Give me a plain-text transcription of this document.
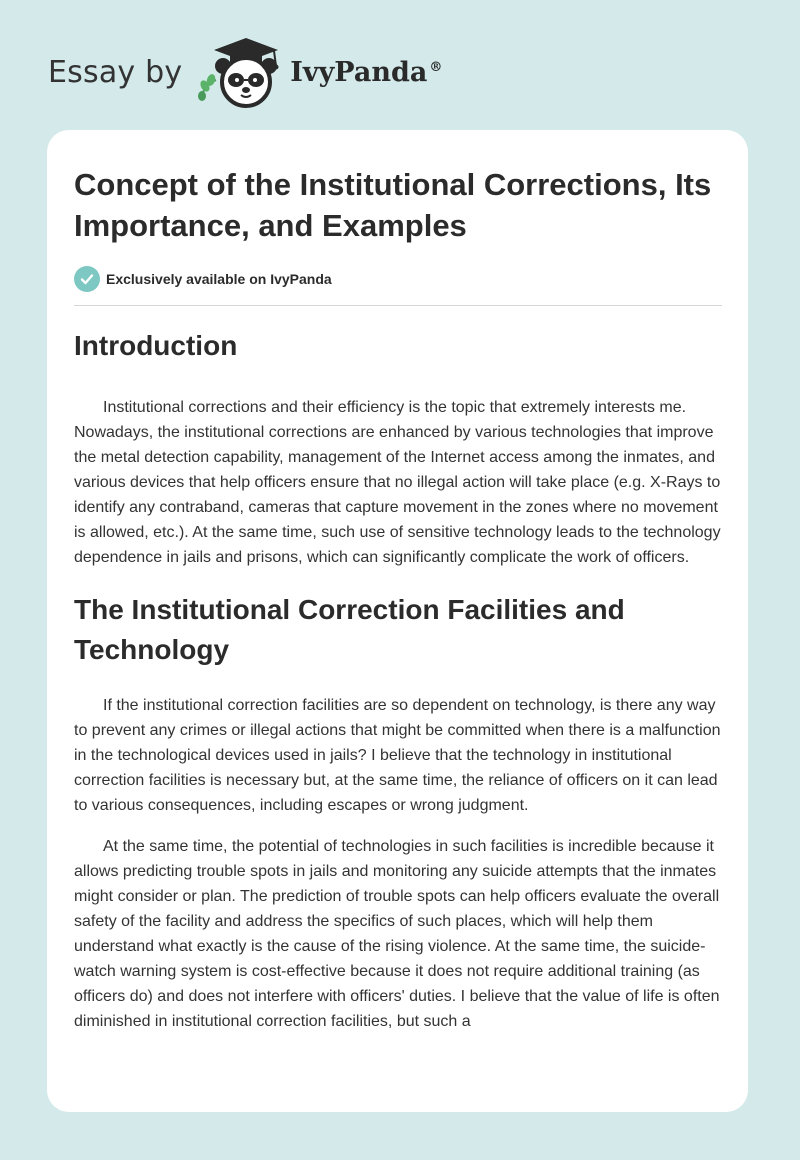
Essay by	IvyPanda ®
Concept of the Institutional Corrections, Its Importance, and Examples
Exclusively available on IvyPanda
Introduction

Institutional corrections and their efficiency is the topic that extremely interests me. Nowadays, the institutional corrections are enhanced by various technologies that improve the metal detection capability, management of the Internet access among the inmates, and various devices that help officers ensure that no illegal action will take place (e.g. X-Rays to identify any contraband, cameras that capture movement in the zones where no movement is allowed, etc.). At the same time, such use of sensitive technology leads to the technology dependence in jails and prisons, which can significantly complicate the work of officers.

The Institutional Correction Facilities and Technology

If the institutional correction facilities are so dependent on technology, is there any way to prevent any crimes or illegal actions that might be committed when there is a malfunction in the technological devices used in jails? I believe that the technology in institutional correction facilities is necessary but, at the same time, the reliance of officers on it can lead to various consequences, including escapes or wrong judgment.

At the same time, the potential of technologies in such facilities is incredible because it allows predicting trouble spots in jails and monitoring any suicide attempts that the inmates might consider or plan. The prediction of trouble spots can help officers evaluate the overall safety of the facility and address the specifics of such places, which will help them understand what exactly is the cause of the rising violence. At the same time, the suicide-watch warning system is cost-effective because it does not require additional training (as officers do) and does not interfere with officers' duties. I believe that the value of life is often diminished in institutional correction facilities, but such a
